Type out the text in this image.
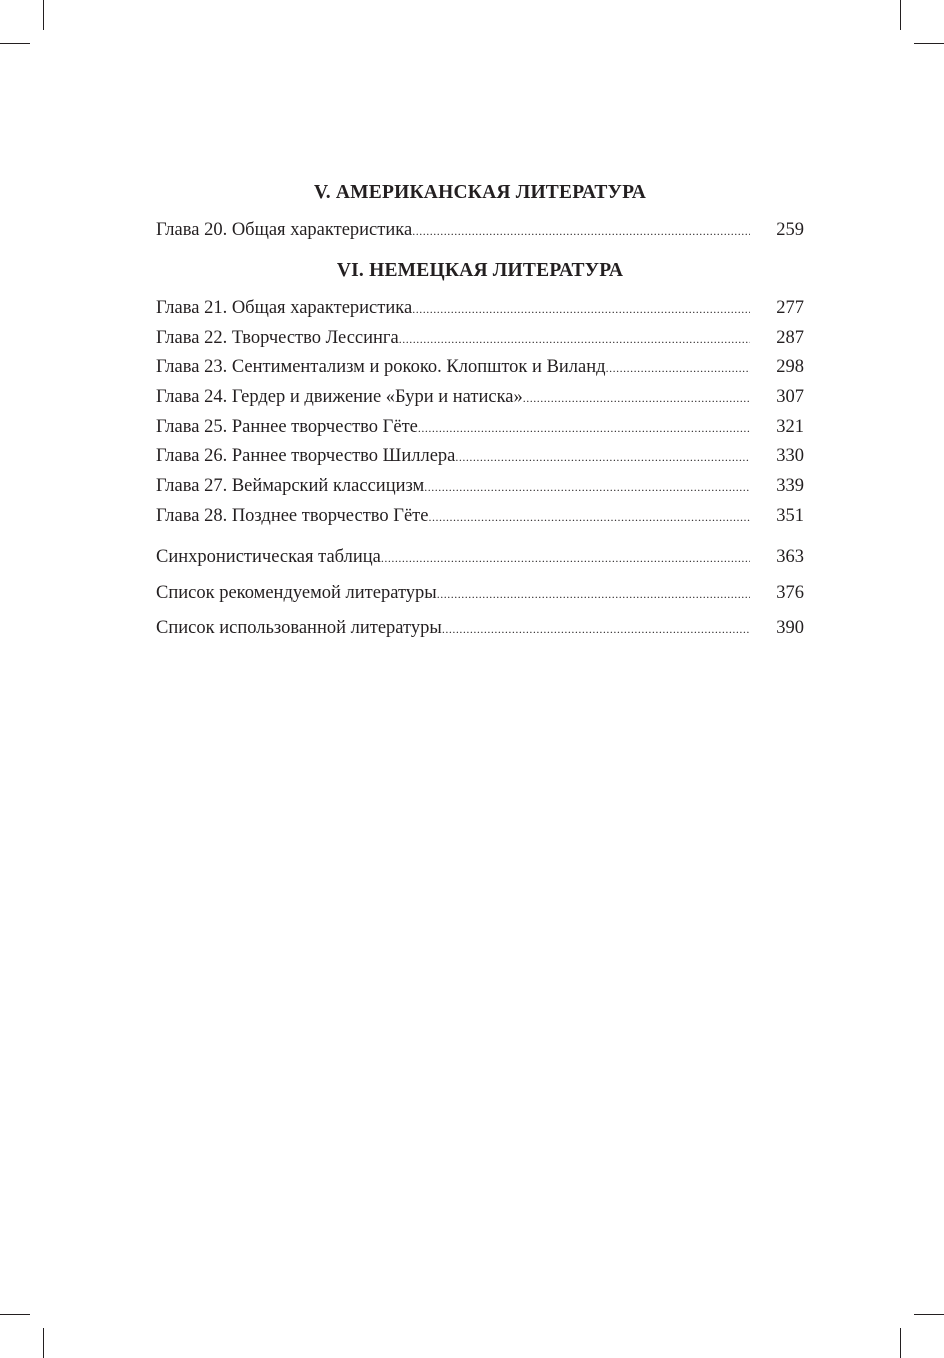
V. АМЕРИКАНСКАЯ ЛИТЕРАТУРА
Глава 20. Общая характеристика .....	259
VI. НЕМЕЦКАЯ ЛИТЕРАТУРА
Глава 21. Общая характеристика .....	277
Глава 22. Творчество Лессинга .....	287
Глава 23. Сентиментализм и рококо. Клопшток и Виланд .....	298
Глава 24. Гердер и движение «Бури и натиска» .....	307
Глава 25. Раннее творчество Гёте .....	321
Глава 26. Раннее творчество Шиллера .....	330
Глава 27. Веймарский классицизм .....	339
Глава 28. Позднее творчество Гёте .....	351
Синхронистическая таблица .....	363
Список рекомендуемой литературы .....	376
Список использованной литературы .....	390
